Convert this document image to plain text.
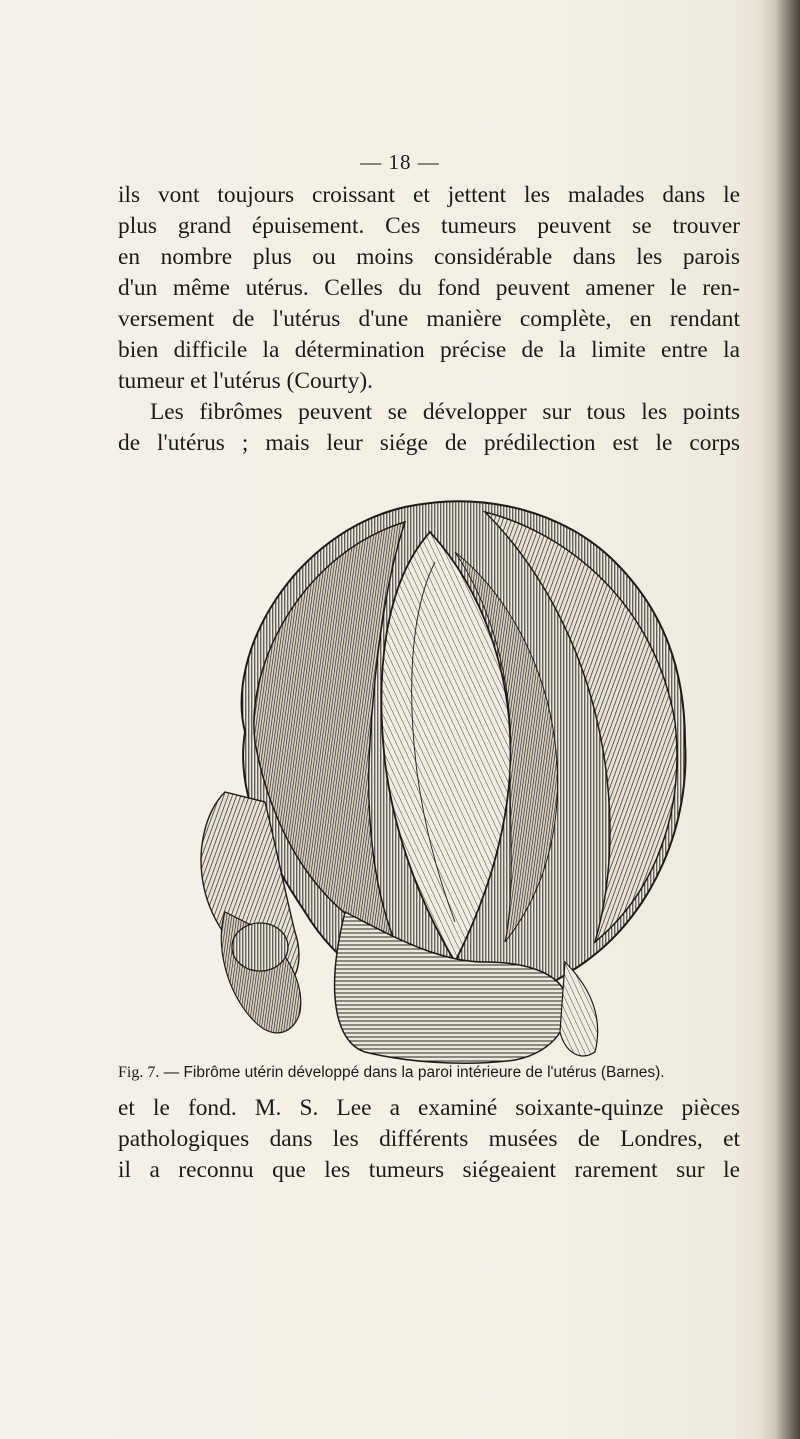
— 18 —
ils vont toujours croissant et jettent les malades dans le
plus grand épuisement. Ces tumeurs peuvent se trouver
en nombre plus ou moins considérable dans les parois
d'un même utérus. Celles du fond peuvent amener le ren-
versement de l'utérus d'une manière complète, en rendant
bien difficile la détermination précise de la limite entre la
tumeur et l'utérus (Courty).
Les fibrômes peuvent se développer sur tous les points
de l'utérus ; mais leur siége de prédilection est le corps
Fig. 7. — Fibrôme utérin développé dans la paroi intérieure de l'utérus (Barnes).
et le fond. M. S. Lee a examiné soixante-quinze pièces
pathologiques dans les différents musées de Londres, et
il a reconnu que les tumeurs siégeaient rarement sur le
